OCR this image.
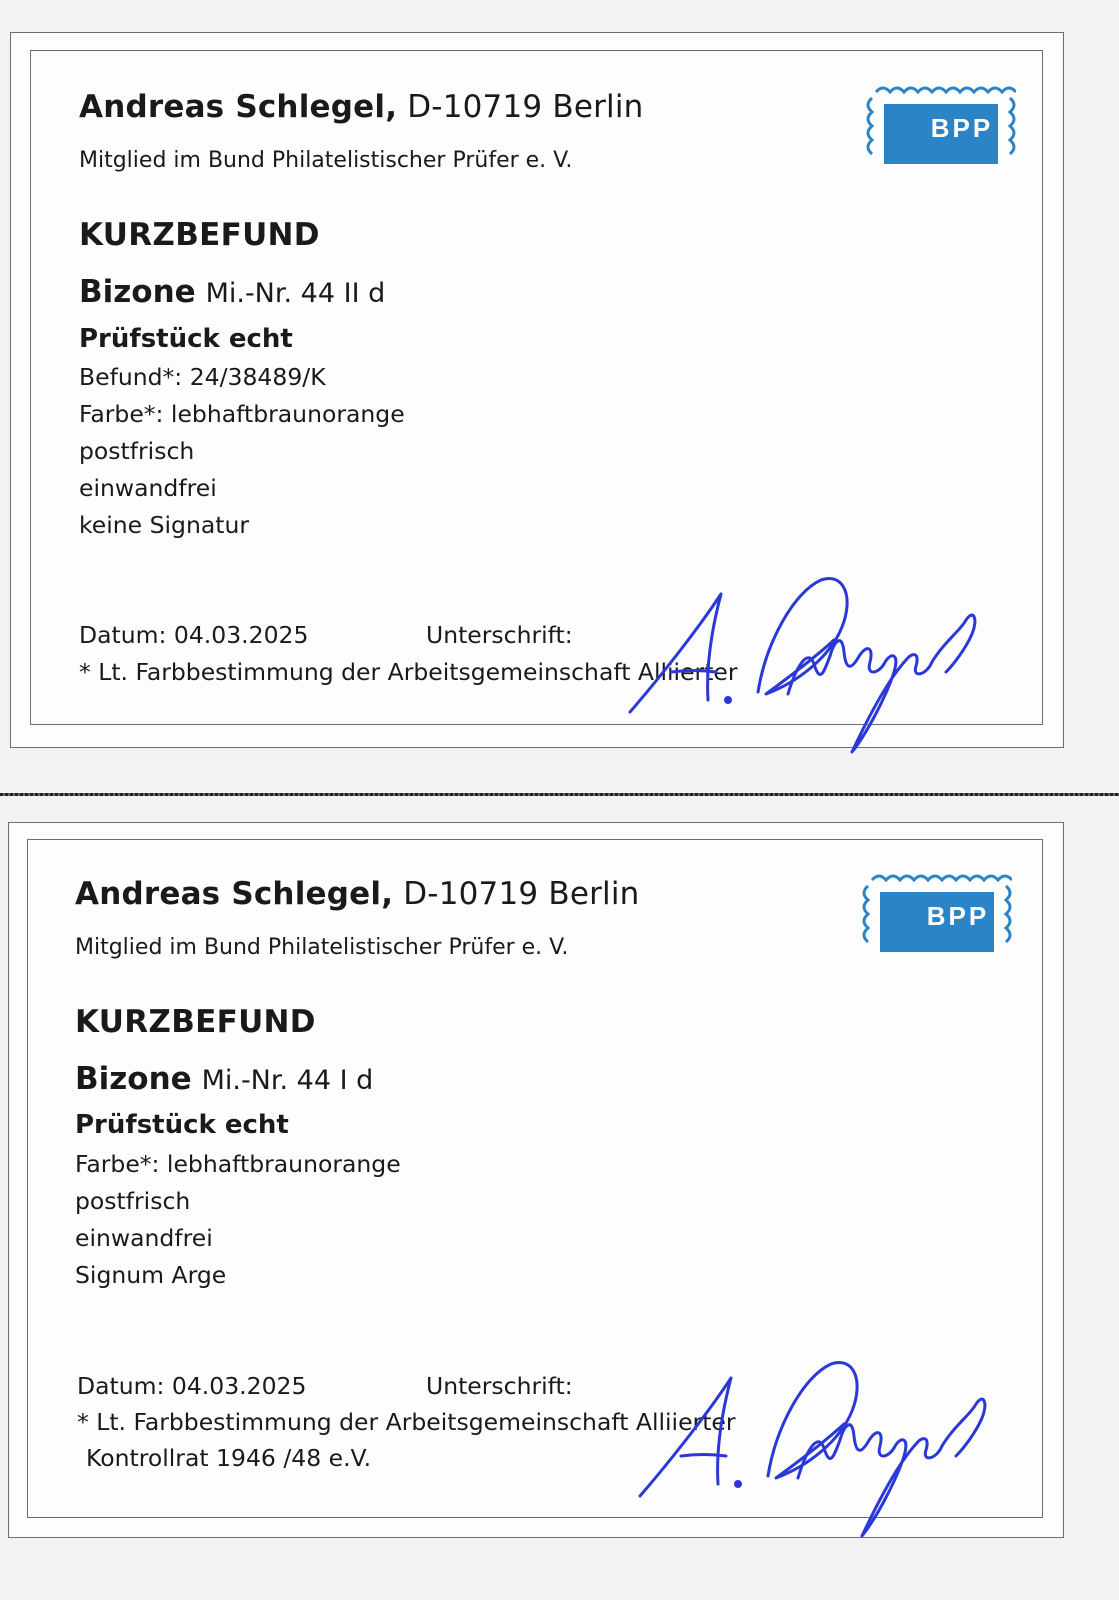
Andreas Schlegel, D-10719 Berlin
Mitglied im Bund Philatelistischer Prüfer e. V.
BPP
KURZBEFUND
Bizone Mi.-Nr. 44 II d
Prüfstück echt
Befund*: 24/38489/K
Farbe*: lebhaftbraunorange
postfrisch
einwandfrei
keine Signatur
Datum: 04.03.2025	Unterschrift:
* Lt. Farbbestimmung der Arbeitsgemeinschaft Alliierter
Andreas Schlegel, D-10719 Berlin
Mitglied im Bund Philatelistischer Prüfer e. V.
BPP
KURZBEFUND
Bizone Mi.-Nr. 44 I d
Prüfstück echt
Farbe*: lebhaftbraunorange
postfrisch
einwandfrei
Signum Arge
Datum: 04.03.2025	Unterschrift:
* Lt. Farbbestimmung der Arbeitsgemeinschaft Alliierter
Kontrollrat 1946 /48 e.V.
